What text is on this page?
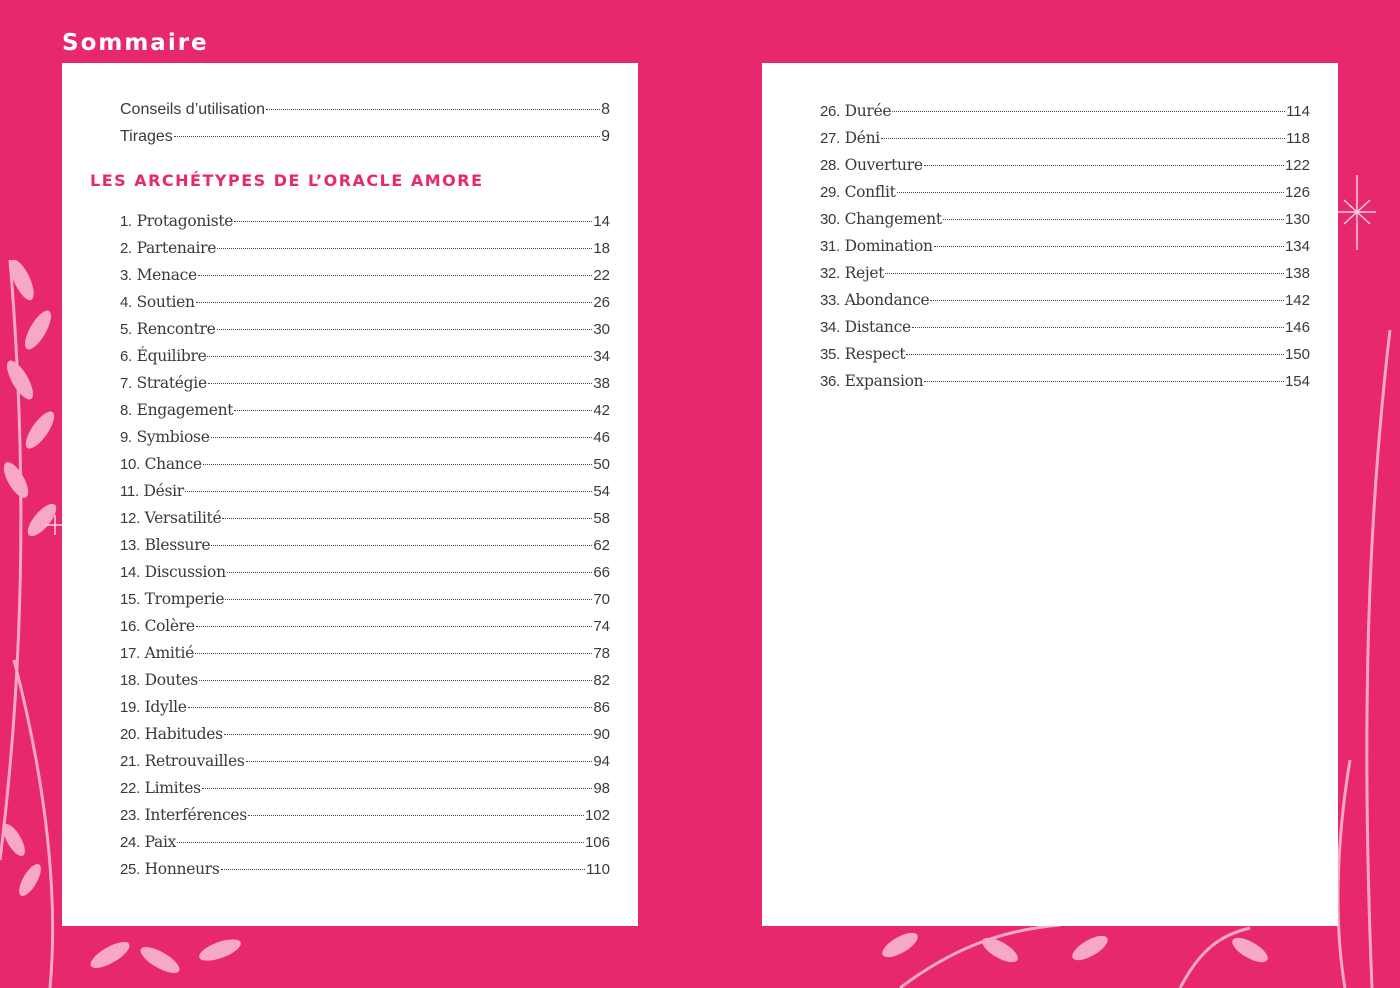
Sommaire
Conseils d’utilisation	8
Tirages	9
LES ARCHÉTYPES DE L’ORACLE AMORE
1. Protagoniste	14
2. Partenaire	18
3. Menace	22
4. Soutien	26
5. Rencontre	30
6. Équilibre	34
7. Stratégie	38
8. Engagement	42
9. Symbiose	46
10. Chance	50
11. Désir	54
12. Versatilité	58
13. Blessure	62
14. Discussion	66
15. Tromperie	70
16. Colère	74
17. Amitié	78
18. Doutes	82
19. Idylle	86
20. Habitudes	90
21. Retrouvailles	94
22. Limites	98
23. Interférences	102
24. Paix	106
25. Honneurs	110
26. Durée	114
27. Déni	118
28. Ouverture	122
29. Conflit	126
30. Changement	130
31. Domination	134
32. Rejet	138
33. Abondance	142
34. Distance	146
35. Respect	150
36. Expansion	154
